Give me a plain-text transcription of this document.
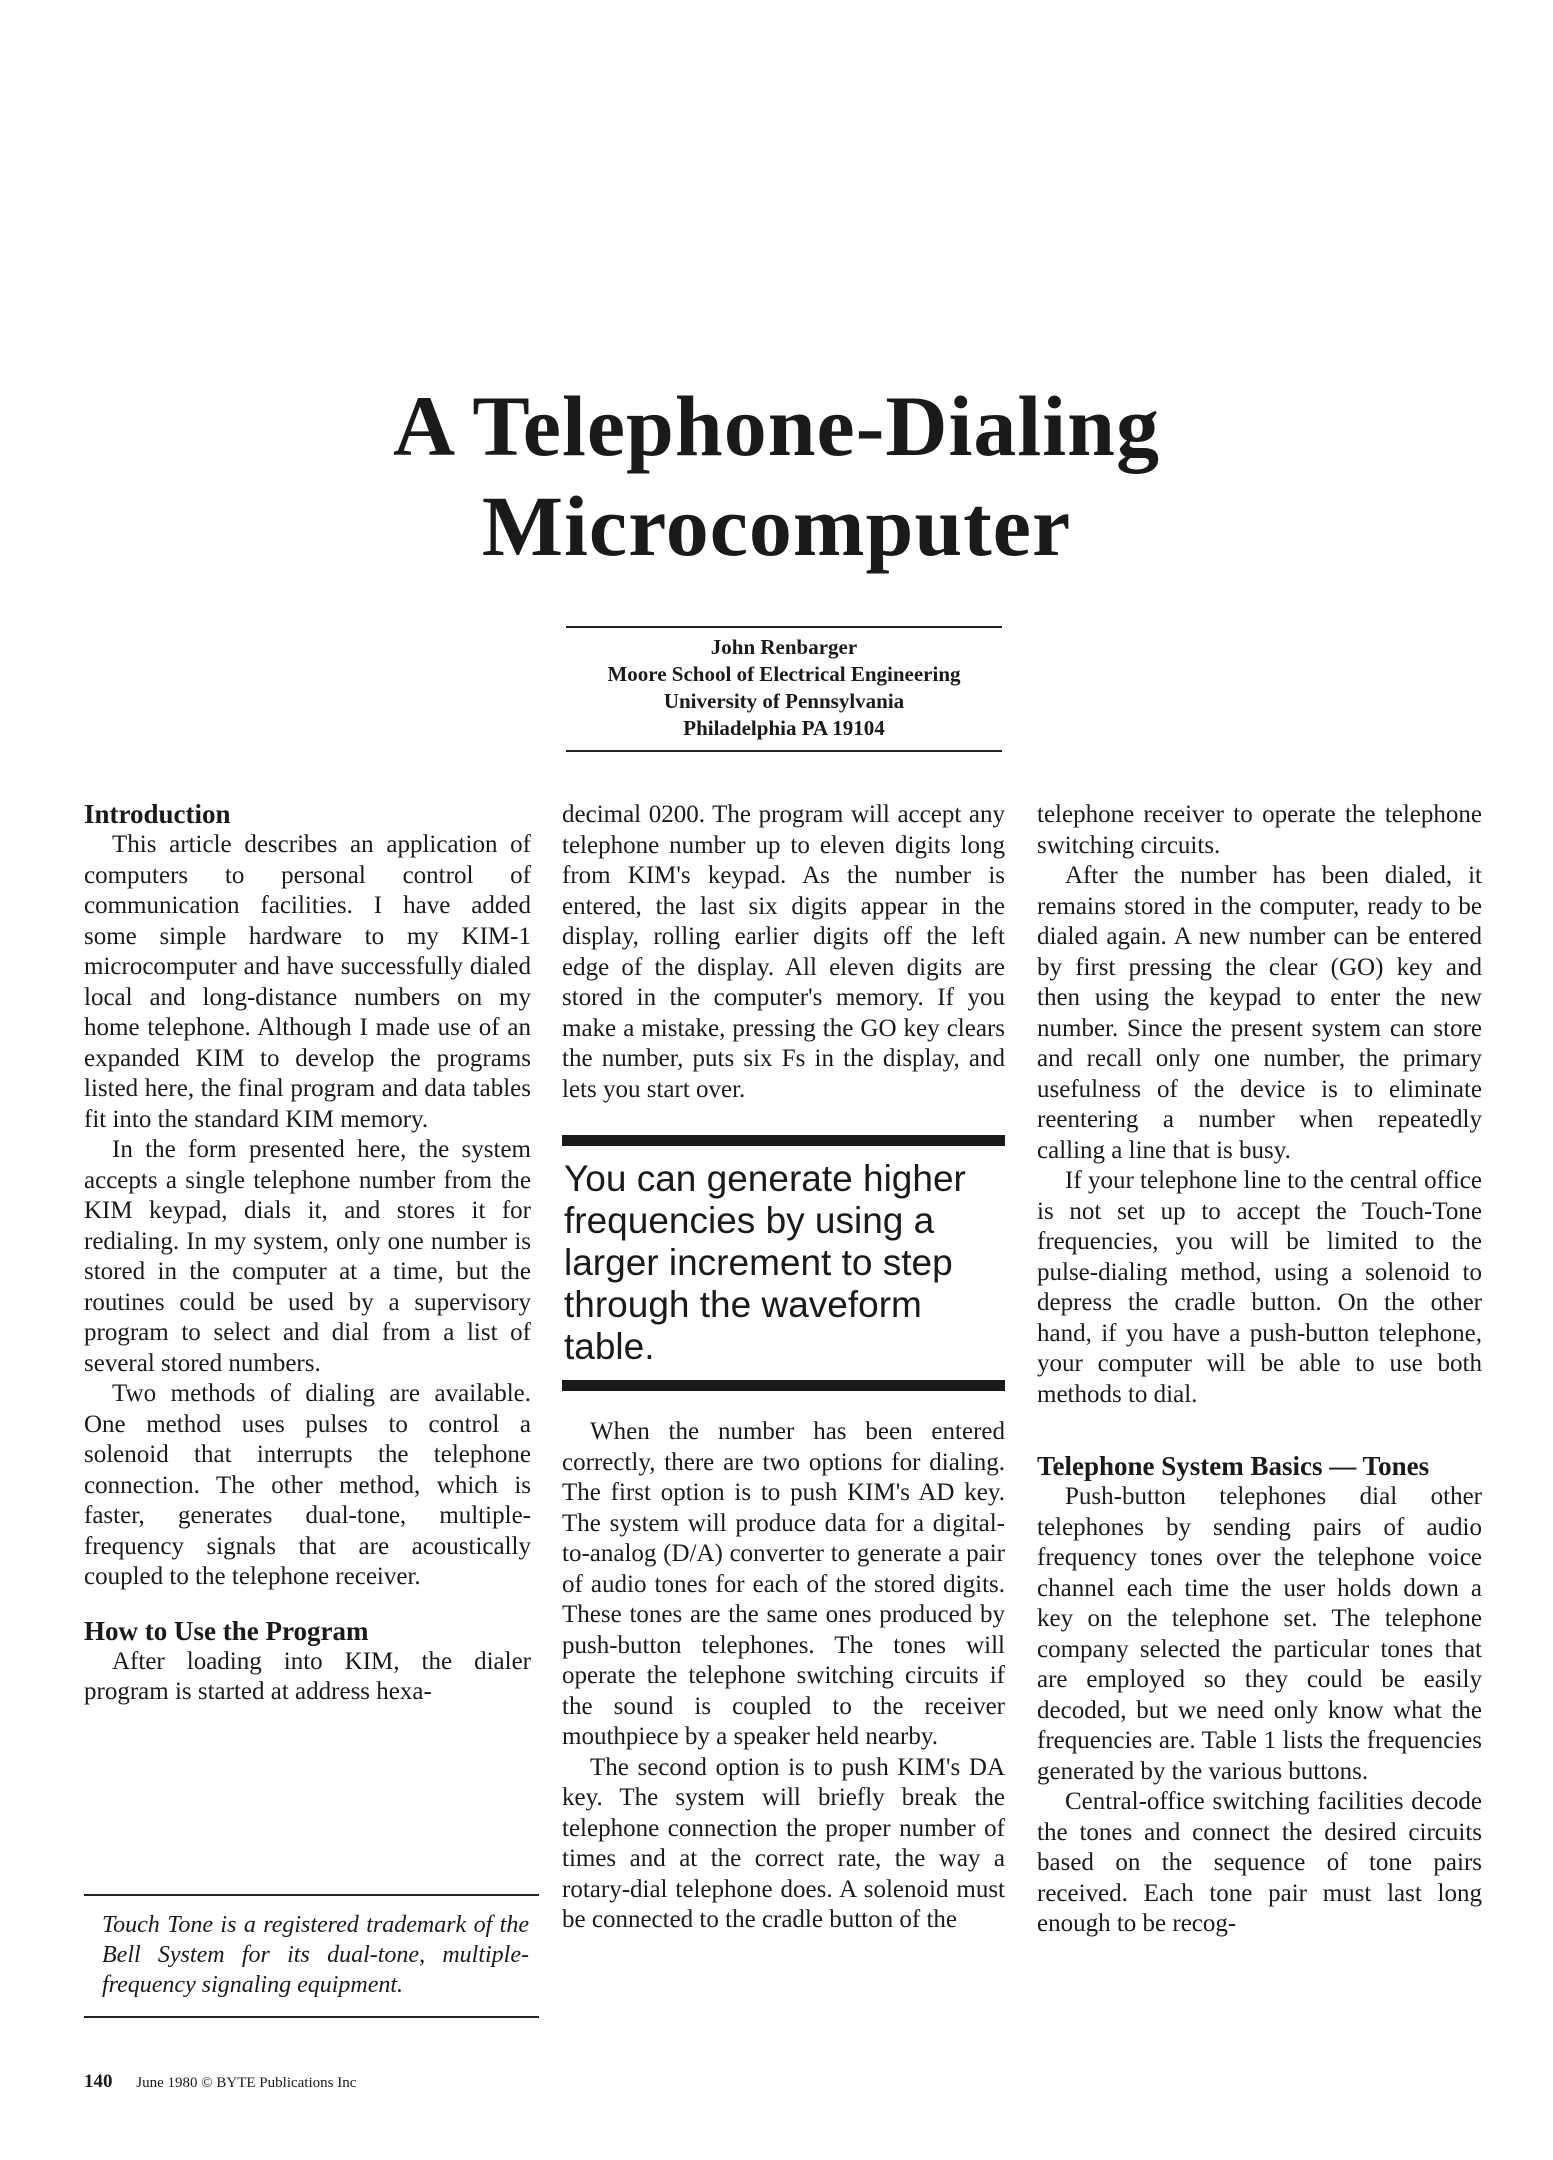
A Telephone-Dialing
Microcomputer
John Renbarger
Moore School of Electrical Engineering
University of Pennsylvania
Philadelphia PA 19104
Introduction

This article describes an application of computers to personal control of communication facilities. I have added some simple hardware to my KIM-1 microcomputer and have successfully dialed local and long-distance numbers on my home telephone. Although I made use of an expanded KIM to develop the programs listed here, the final program and data tables fit into the standard KIM memory.

In the form presented here, the system accepts a single telephone number from the KIM keypad, dials it, and stores it for redialing. In my system, only one number is stored in the computer at a time, but the routines could be used by a supervisory program to select and dial from a list of several stored numbers.

Two methods of dialing are available. One method uses pulses to control a solenoid that interrupts the telephone connection. The other method, which is faster, generates dual-tone, multiple-frequency signals that are acoustically coupled to the telephone receiver.

How to Use the Program

After loading into KIM, the dialer program is started at address hexa-

decimal 0200. The program will accept any telephone number up to eleven digits long from KIM's keypad. As the number is entered, the last six digits appear in the display, rolling earlier digits off the left edge of the display. All eleven digits are stored in the computer's memory. If you make a mistake, pressing the GO key clears the number, puts six Fs in the display, and lets you start over.

You can generate higher frequencies by using a larger increment to step through the waveform table.

When the number has been entered correctly, there are two options for dialing. The first option is to push KIM's AD key. The system will produce data for a digital-to-analog (D/A) converter to generate a pair of audio tones for each of the stored digits. These tones are the same ones produced by push-button telephones. The tones will operate the telephone switching circuits if the sound is coupled to the receiver mouthpiece by a speaker held nearby.

The second option is to push KIM's DA key. The system will briefly break the telephone connection the proper number of times and at the correct rate, the way a rotary-dial telephone does. A solenoid must be connected to the cradle button of the

telephone receiver to operate the telephone switching circuits.

After the number has been dialed, it remains stored in the computer, ready to be dialed again. A new number can be entered by first pressing the clear (GO) key and then using the keypad to enter the new number. Since the present system can store and recall only one number, the primary usefulness of the device is to eliminate reentering a number when repeatedly calling a line that is busy.

If your telephone line to the central office is not set up to accept the Touch-Tone frequencies, you will be limited to the pulse-dialing method, using a solenoid to depress the cradle button. On the other hand, if you have a push-button telephone, your computer will be able to use both methods to dial.

Telephone System Basics — Tones

Push-button telephones dial other telephones by sending pairs of audio frequency tones over the telephone voice channel each time the user holds down a key on the telephone set. The telephone company selected the particular tones that are employed so they could be easily decoded, but we need only know what the frequencies are. Table 1 lists the frequencies generated by the various buttons.

Central-office switching facilities decode the tones and connect the desired circuits based on the sequence of tone pairs received. Each tone pair must last long enough to be recog-

Touch Tone is a registered trademark of the Bell System for its dual-tone, multiple-frequency signaling equipment.
140 June 1980 © BYTE Publications Inc
